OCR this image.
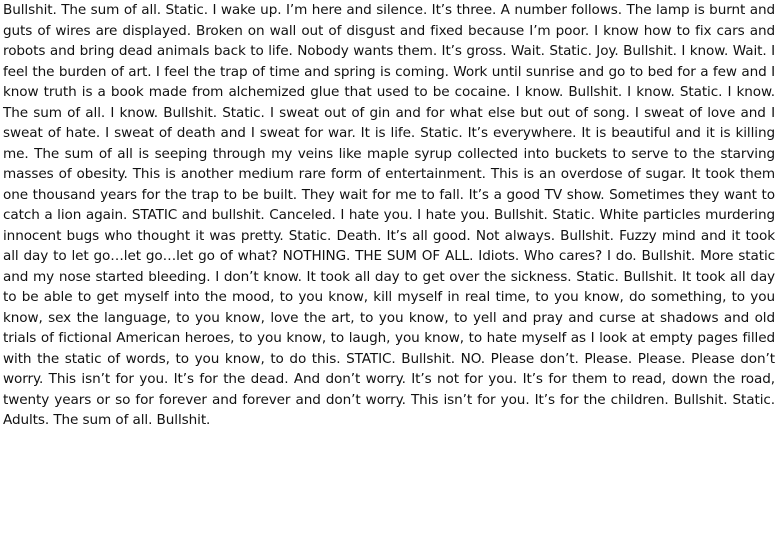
Bullshit. The sum of all. Static. I wake up. I’m here and silence. It’s three. A number follows. The lamp is burnt and guts of wires are displayed. Broken on wall out of disgust and fixed because I’m poor. I know how to fix cars and robots and bring dead animals back to life. Nobody wants them. It’s gross. Wait. Static. Joy. Bullshit. I know. Wait. I feel the burden of art. I feel the trap of time and spring is coming. Work until sunrise and go to bed for a few and I know truth is a book made from alchemized glue that used to be cocaine. I know. Bullshit. I know. Static. I know. The sum of all. I know. Bullshit. Static. I sweat out of gin and for what else but out of song. I sweat of love and I sweat of hate. I sweat of death and I sweat for war. It is life. Static. It’s everywhere. It is beautiful and it is killing me. The sum of all is seeping through my veins like maple syrup collected into buckets to serve to the starving masses of obesity. This is another medium rare form of entertainment. This is an overdose of sugar. It took them one thousand years for the trap to be built. They wait for me to fall. It’s a good TV show. Sometimes they want to catch a lion again. STATIC and bullshit. Canceled. I hate you. I hate you. Bullshit. Static. White particles murdering innocent bugs who thought it was pretty. Static. Death. It’s all good. Not always. Bullshit. Fuzzy mind and it took all day to let go…let go…let go of what? NOTHING. THE SUM OF ALL. Idiots. Who cares? I do. Bullshit. More static and my nose started bleeding. I don’t know. It took all day to get over the sickness. Static. Bullshit. It took all day to be able to get myself into the mood, to you know, kill myself in real time, to you know, do something, to you know, sex the language, to you know, love the art, to you know, to yell and pray and curse at shadows and old trials of fictional American heroes, to you know, to laugh, you know, to hate myself as I look at empty pages filled with the static of words, to you know, to do this. STATIC. Bullshit. NO. Please don’t. Please. Please. Please don’t worry. This isn’t for you. It’s for the dead. And don’t worry. It’s not for you. It’s for them to read, down the road, twenty years or so for forever and forever and don’t worry. This isn’t for you. It’s for the children. Bullshit. Static. Adults. The sum of all. Bullshit.
